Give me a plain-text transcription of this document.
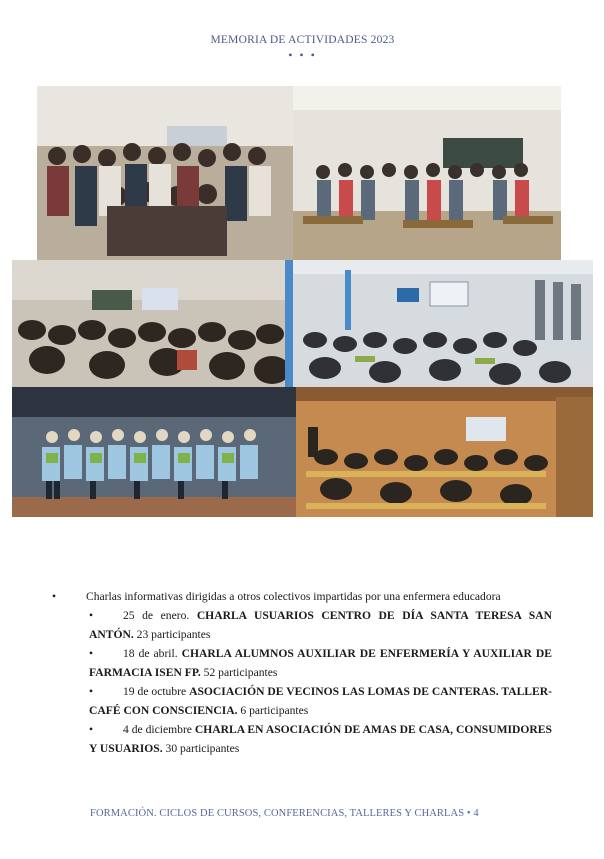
MEMORIA DE ACTIVIDADES 2023
• • •
•	Charlas informativas dirigidas a otros colectivos impartidas por una enfermera educadora
•	25 de enero. CHARLA USUARIOS CENTRO DE DÍA SANTA TERESA SAN ANTÓN. 23 participantes
•	18 de abril. CHARLA ALUMNOS AUXILIAR DE ENFERMERÍA Y AUXILIAR DE FARMACIA ISEN FP. 52 participantes
•	19 de octubre ASOCIACIÓN DE VECINOS LAS LOMAS DE CANTERAS. TALLER-CAFÉ CON CONSCIENCIA. 6 participantes
•	4 de diciembre CHARLA EN ASOCIACIÓN DE AMAS DE CASA, CONSUMIDORES Y USUARIOS. 30 participantes
FORMACIÓN. CICLOS DE CURSOS, CONFERENCIAS, TALLERES Y CHARLAS • 4
